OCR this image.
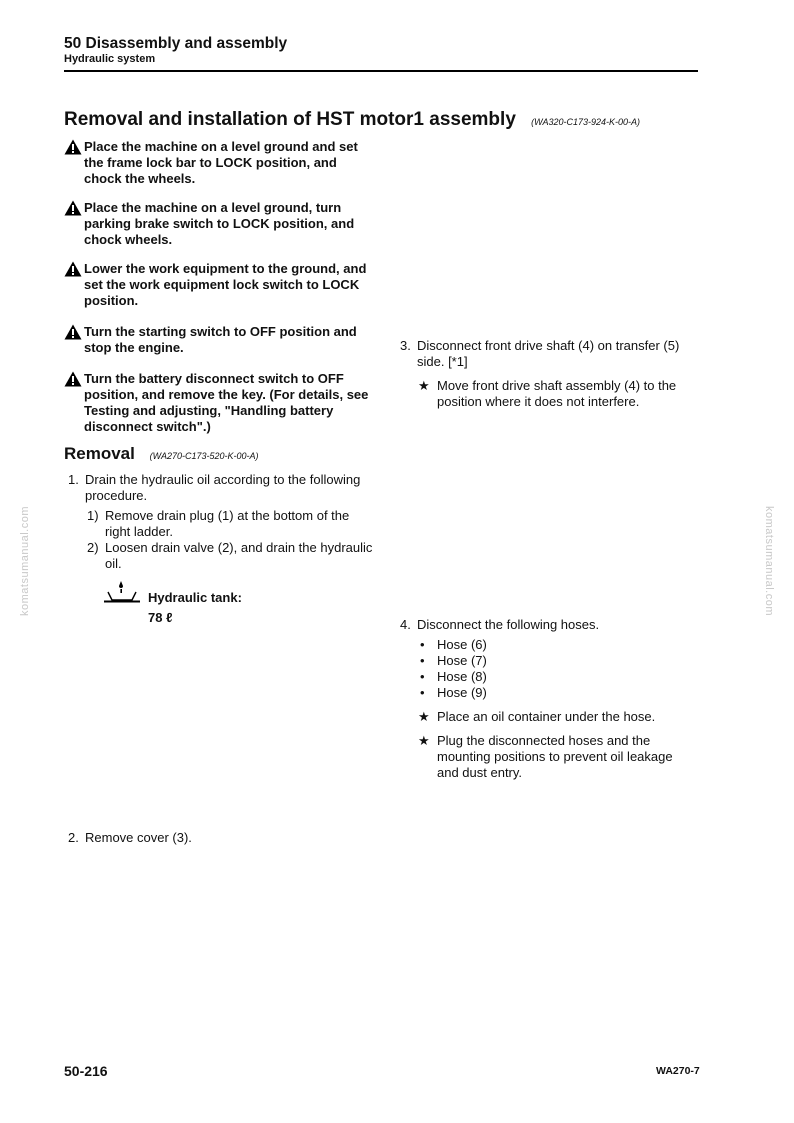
50 Disassembly and assembly
Hydraulic system
Removal and installation of HST motor1 assembly (WA320-C173-924-K-00-A)
Place the machine on a level ground and set the frame lock bar to LOCK position, and chock the wheels.
Place the machine on a level ground, turn parking brake switch to LOCK position, and chock wheels.
Lower the work equipment to the ground, and set the work equipment lock switch to LOCK position.
Turn the starting switch to OFF position and stop the engine.
Turn the battery disconnect switch to OFF position, and remove the key. (For details, see Testing and adjusting, "Handling battery disconnect switch".)
Removal (WA270-C173-520-K-00-A)
1. Drain the hydraulic oil according to the following procedure.
1) Remove drain plug (1) at the bottom of the right ladder.
2) Loosen drain valve (2), and drain the hydraulic oil.
Hydraulic tank:
78 ℓ
2. Remove cover (3).
3. Disconnect front drive shaft (4) on transfer (5) side. [*1]
★ Move front drive shaft assembly (4) to the position where it does not interfere.
4. Disconnect the following hoses.
• Hose (6)
• Hose (7)
• Hose (8)
• Hose (9)
★ Place an oil container under the hose.
★ Plug the disconnected hoses and the mounting positions to prevent oil leakage and dust entry.
komatsumanual.com	komatsumanual.com
50-216	WA270-7
